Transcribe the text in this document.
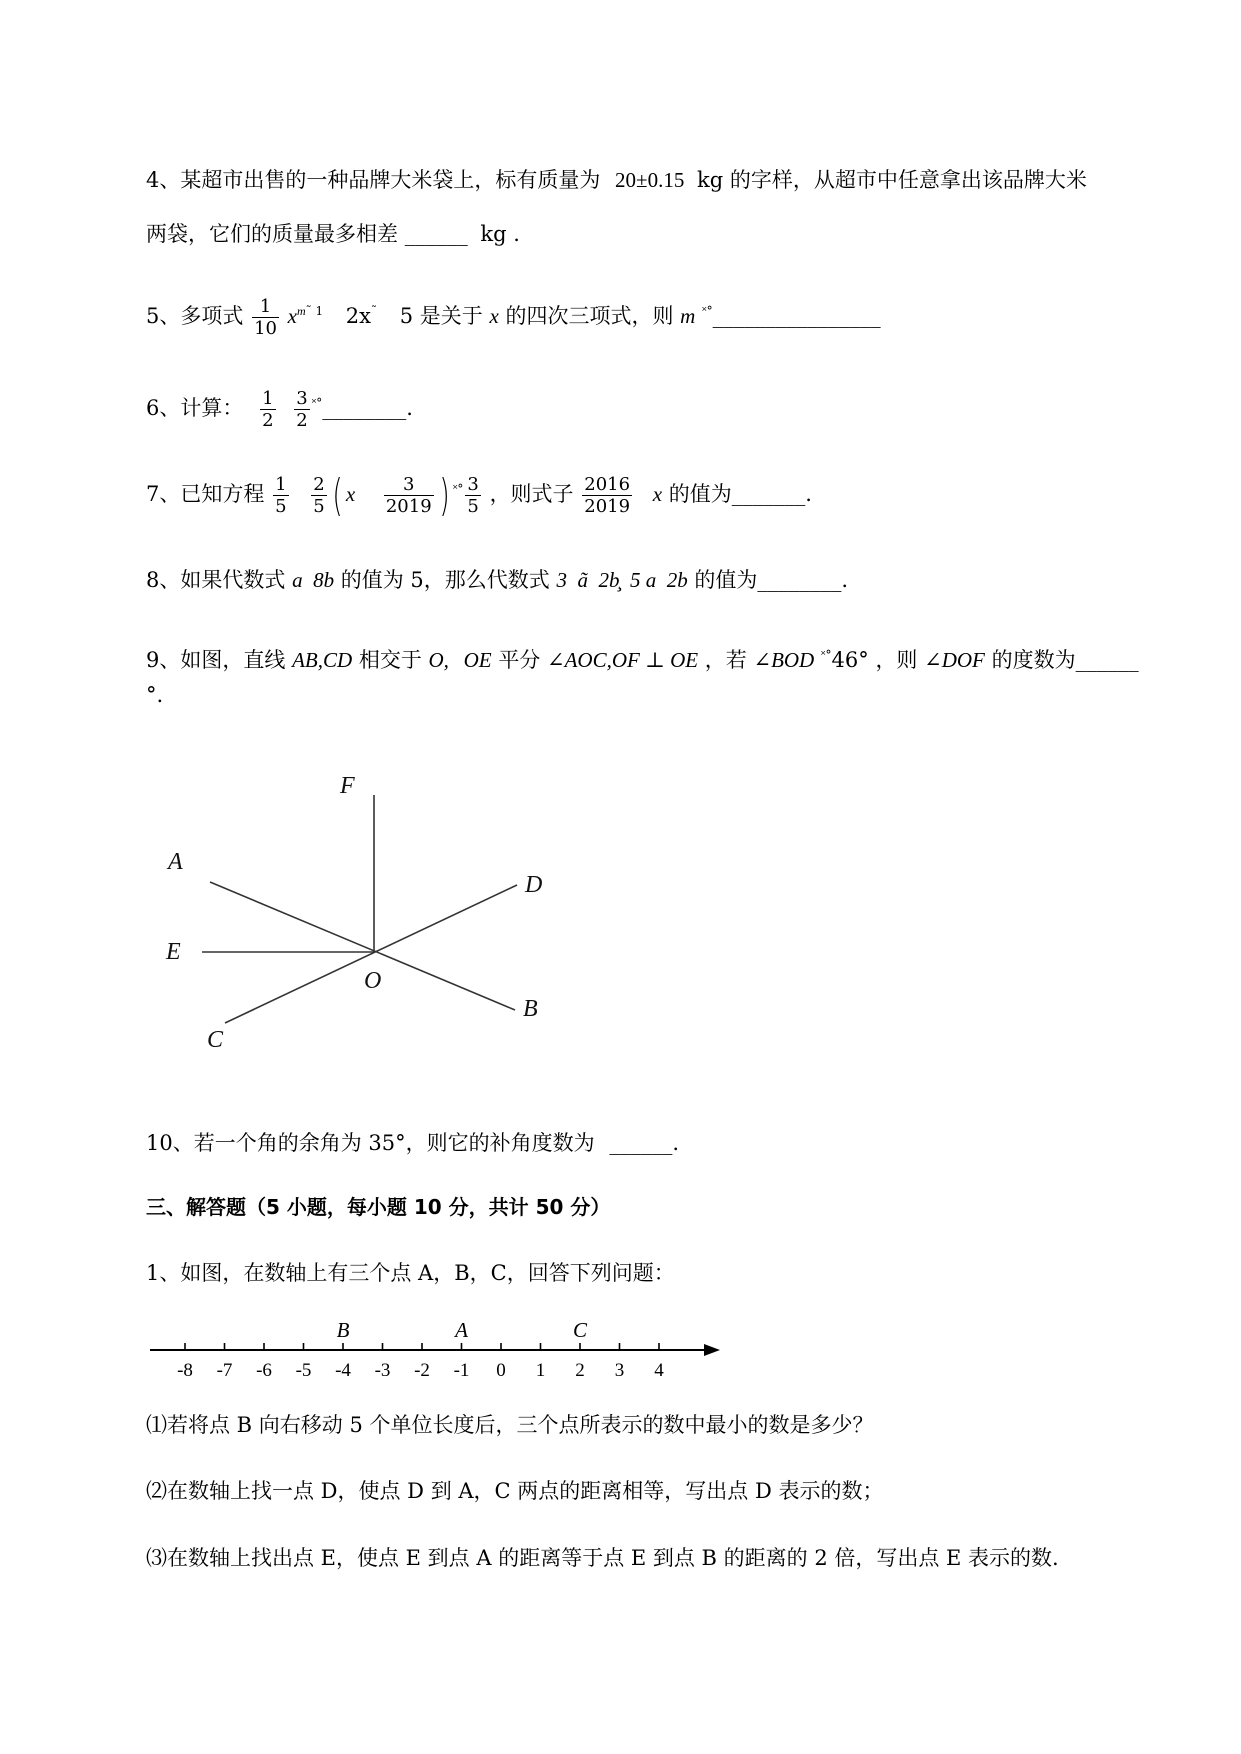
4、某超市出售的一种品牌大米袋上，标有质量为 20±0.15 kg 的字样，从超市中任意拿出该品牌大米
两袋，它们的质量最多相差 ______ kg .
5、多项式 $\frac{1}{10} x^{m˜ 1}$ 2x˜ 5 是关于 x 的四次三项式，则 m ˟°________________
6、计算： $\frac{1}{2}$
$\frac{3}{2}$ ˟°________.
7、已知方程 $\frac{1}{5}$
$\frac{2}{5}$ ( x $\frac{3}{2019}$ ) $^{˟^\circ} \frac{3}{5}$ ，则式子 $\frac{2016}{2019}$ x 的值为_______.
8、如果代数式 a  8b 的值为 5，那么代数式 3  ã  2b̧  5 a  2b 的值为________.
9、如图，直线 AB,CD 相交于 O, OE 平分 ∠AOC,OF ⊥ OE ，若 ∠BOD ˟°46° ，则 ∠DOF 的度数为______
°.
F
A
D
E
O
B
C
10、若一个角的余角为 35°，则它的补角度数为 ______.
三、解答题（5 小题，每小题 10 分，共计 50 分）
1、如图，在数轴上有三个点 A，B，C，回答下列问题：
-8 -7 -6 -5 -4 -3 -2 -1 0 1 2 3 4
B	A	C
⑴若将点 B 向右移动 5 个单位长度后，三个点所表示的数中最小的数是多少？
⑵在数轴上找一点 D，使点 D 到 A，C 两点的距离相等，写出点 D 表示的数；
⑶在数轴上找出点 E，使点 E 到点 A 的距离等于点 E 到点 B 的距离的 2 倍，写出点 E 表示的数.
